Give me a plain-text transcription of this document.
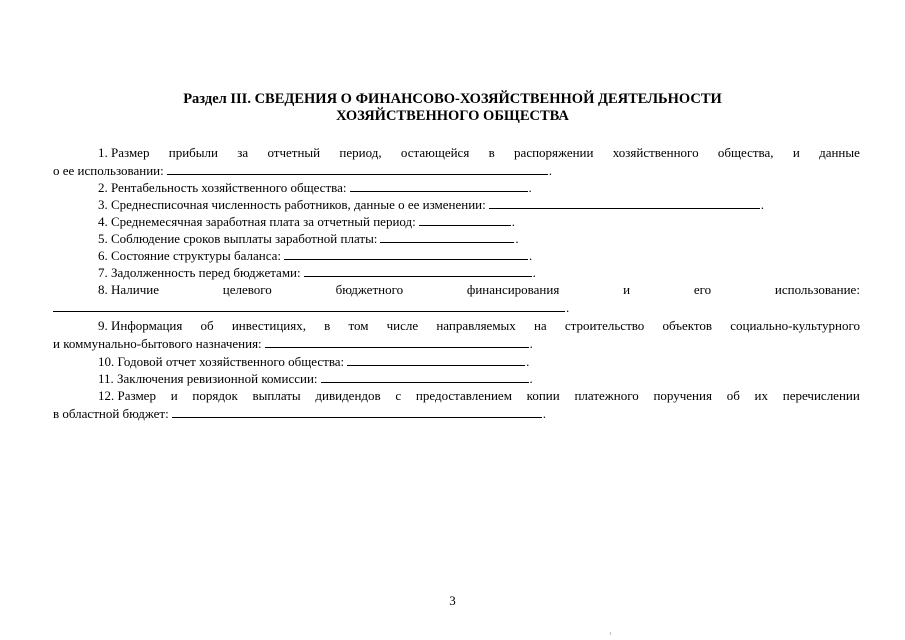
Раздел III. СВЕДЕНИЯ О ФИНАНСОВО-ХОЗЯЙСТВЕННОЙ ДЕЯТЕЛЬНОСТИ

ХОЗЯЙСТВЕННОГО ОБЩЕСТВА

1. Размер прибыли за отчетный период, остающейся в распоряжении хозяйственного общества, и данные
о ее использовании:	.
2. Рентабельность хозяйственного общества:	.
3. Среднесписочная численность работников, данные о ее изменении:	.
4. Среднемесячная заработная плата за отчетный период:	.
5. Соблюдение сроков выплаты заработной платы:	.
6. Состояние структуры баланса:	.
7. Задолженность перед бюджетами:	.
8. Наличие	целевого	бюджетного	финансирования	и	его	использование:
.
9. Информация об инвестициях, в том числе направляемых на строительство объектов социально-культурного
и коммунально-бытового назначения:	.
10. Годовой отчет хозяйственного общества:	.
11. Заключения ревизионной комиссии:	.
12. Размер и порядок выплаты дивидендов с предоставлением копии платежного поручения об их перечислении
в областной бюджет:	.
3
